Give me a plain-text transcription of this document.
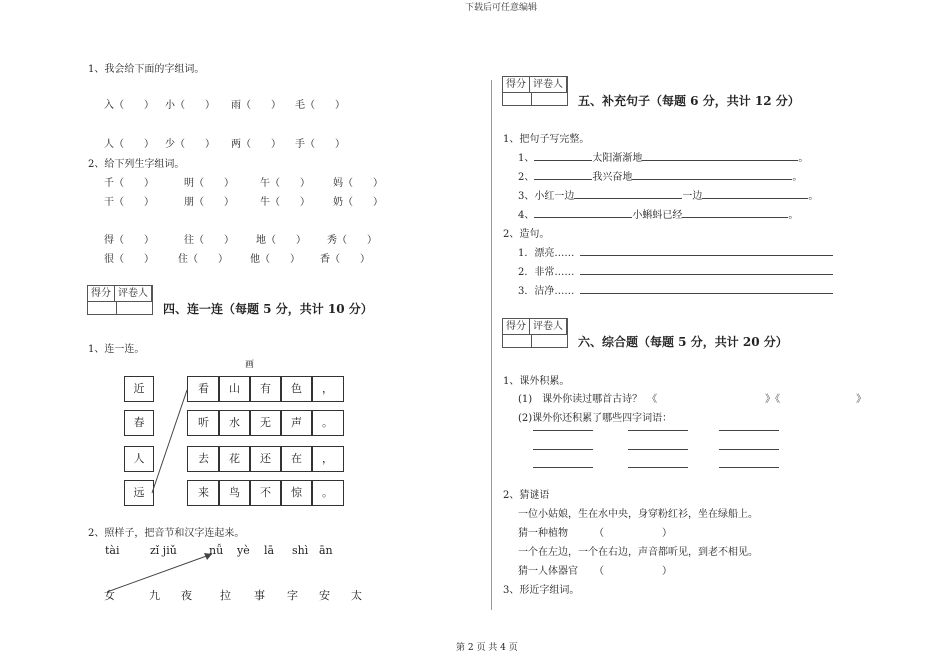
下载后可任意编辑
第 2 页 共 4 页
1、我会给下面的字组词。
入（　　） 小（　　） 雨（　　） 毛（　　）
人（　　） 少（　　） 两（　　） 手（　　）
2、给下列生字组词。
千（　　）	明（　　）	午（　　） 妈（　　）
干（　　）	朋（　　）	牛（　　） 奶（　　）
得（　　）	往（　　） 地（　　） 秀（　　）
很（　　） 住（　　） 他（　　） 香（　　）
得分 评卷人
四、连一连（每题 5 分，共计 10 分）
1、连一连。
画
近
春
人
远
看	山	有	色	，
听	水	无	声	。
去	花	还	在	，
来	鸟	不	惊	。
2、照样子，把音节和汉字连起来。
tài	zǐ jiǔ	nǚ yè lā shì ān
女	九 夜	拉 事 字 安 太
得分 评卷人
五、补充句子（每题 6 分，共计 12 分）
1、把句子写完整。
1、	太阳渐渐地	。
2、	我兴奋地	。
3、小红一边	一边	。
4、	小蝌蚪已经	。
2、造句。
1．漂亮……
2．非常……
3．洁净……
得分 评卷人
六、综合题（每题 5 分，共计 20 分）
1、课外积累。
(1)　课外你读过哪首古诗？　《	》《	》
(2)课外你还积累了哪些四字词语：
2、猜谜语
一位小姑娘，生在水中央，身穿粉红衫，坐在绿船上。
猜一种植物	（	）
一个在左边，一个在右边，声音都听见，到老不相见。
猜一人体器官 （	）
3、形近字组词。
